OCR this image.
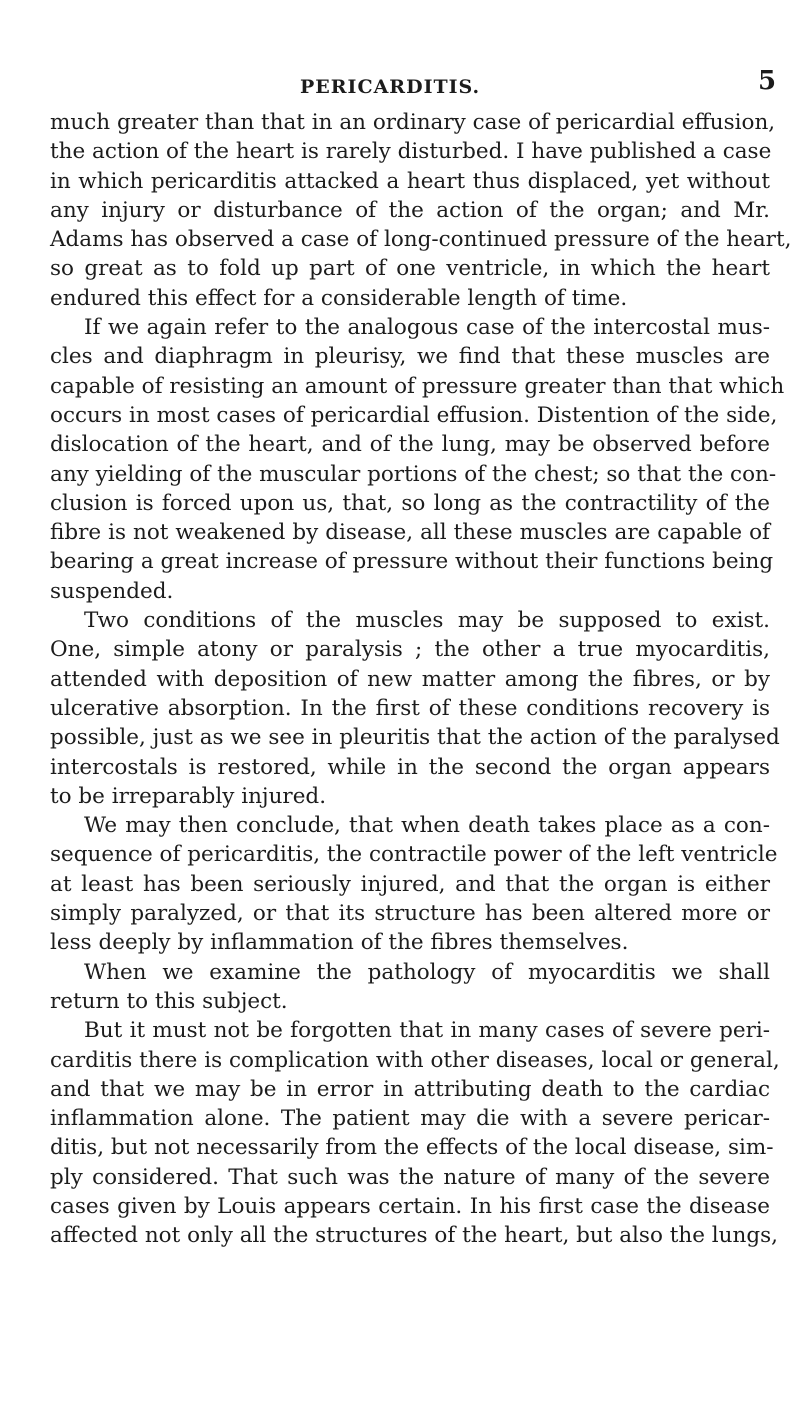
PERICARDITIS.	5
much greater than that in an ordinary case of pericardial effusion,
the action of the heart is rarely disturbed. I have published a case
in which pericarditis attacked a heart thus displaced, yet without
any injury or disturbance of the action of the organ; and Mr.
Adams has observed a case of long-continued pressure of the heart,
so great as to fold up part of one ventricle, in which the heart
endured this effect for a considerable length of time.
If we again refer to the analogous case of the intercostal mus-
cles and diaphragm in pleurisy, we find that these muscles are
capable of resisting an amount of pressure greater than that which
occurs in most cases of pericardial effusion. Distention of the side,
dislocation of the heart, and of the lung, may be observed before
any yielding of the muscular portions of the chest; so that the con-
clusion is forced upon us, that, so long as the contractility of the
fibre is not weakened by disease, all these muscles are capable of
bearing a great increase of pressure without their functions being
suspended.
Two conditions of the muscles may be supposed to exist.
One, simple atony or paralysis ; the other a true myocarditis,
attended with deposition of new matter among the fibres, or by
ulcerative absorption. In the first of these conditions recovery is
possible, just as we see in pleuritis that the action of the paralysed
intercostals is restored, while in the second the organ appears
to be irreparably injured.
We may then conclude, that when death takes place as a con-
sequence of pericarditis, the contractile power of the left ventricle
at least has been seriously injured, and that the organ is either
simply paralyzed, or that its structure has been altered more or
less deeply by inflammation of the fibres themselves.
When we examine the pathology of myocarditis we shall
return to this subject.
But it must not be forgotten that in many cases of severe peri-
carditis there is complication with other diseases, local or general,
and that we may be in error in attributing death to the cardiac
inflammation alone. The patient may die with a severe pericar-
ditis, but not necessarily from the effects of the local disease, sim-
ply considered. That such was the nature of many of the severe
cases given by Louis appears certain. In his first case the disease
affected not only all the structures of the heart, but also the lungs,
